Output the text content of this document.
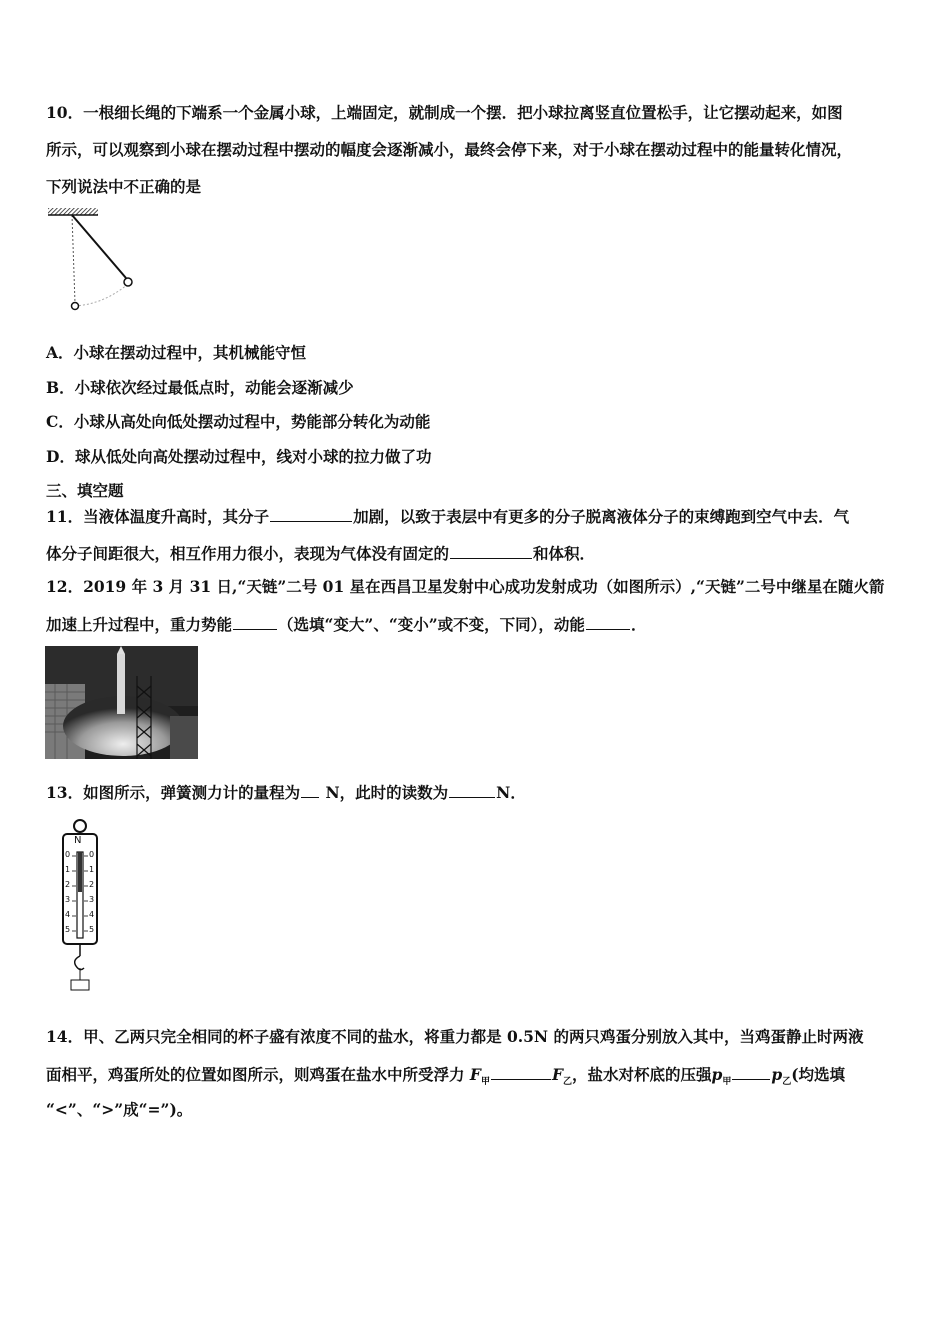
10．一根细长绳的下端系一个金属小球，上端固定，就制成一个摆．把小球拉离竖直位置松手，让它摆动起来，如图
所示，可以观察到小球在摆动过程中摆动的幅度会逐渐减小，最终会停下来，对于小球在摆动过程中的能量转化情况，
下列说法中不正确的是
A．小球在摆动过程中，其机械能守恒
B．小球依次经过最低点时，动能会逐渐减少
C．小球从高处向低处摆动过程中，势能部分转化为动能
D．球从低处向高处摆动过程中，线对小球的拉力做了功
三、填空题
11．当液体温度升高时，其分子	加剧，以致于表层中有更多的分子脱离液体分子的束缚跑到空气中去．气
体分子间距很大，相互作用力很小，表现为气体没有固定的	和体积．
12．2019 年 3 月 31 日,“天链”二号 01 星在西昌卫星发射中心成功发射成功（如图所示）,“天链”二号中继星在随火箭
加速上升过程中，重力势能	（选填“变大”、“变小”或不变，下同），动能	．
13．如图所示，弹簧测力计的量程为 N，此时的读数为	N．
N
0
1
2
3
4
5
0
1
2
3
4
5
14．甲、乙两只完全相同的杯子盛有浓度不同的盐水，将重力都是 0.5N 的两只鸡蛋分别放入其中，当鸡蛋静止时两液
面相平，鸡蛋所处的位置如图所示，则鸡蛋在盐水中所受浮力 $F_甲$	$F_乙$，盐水对杯底的压强$p_甲$	$p_乙$(均选填
“<”、“>”成“=”)。
